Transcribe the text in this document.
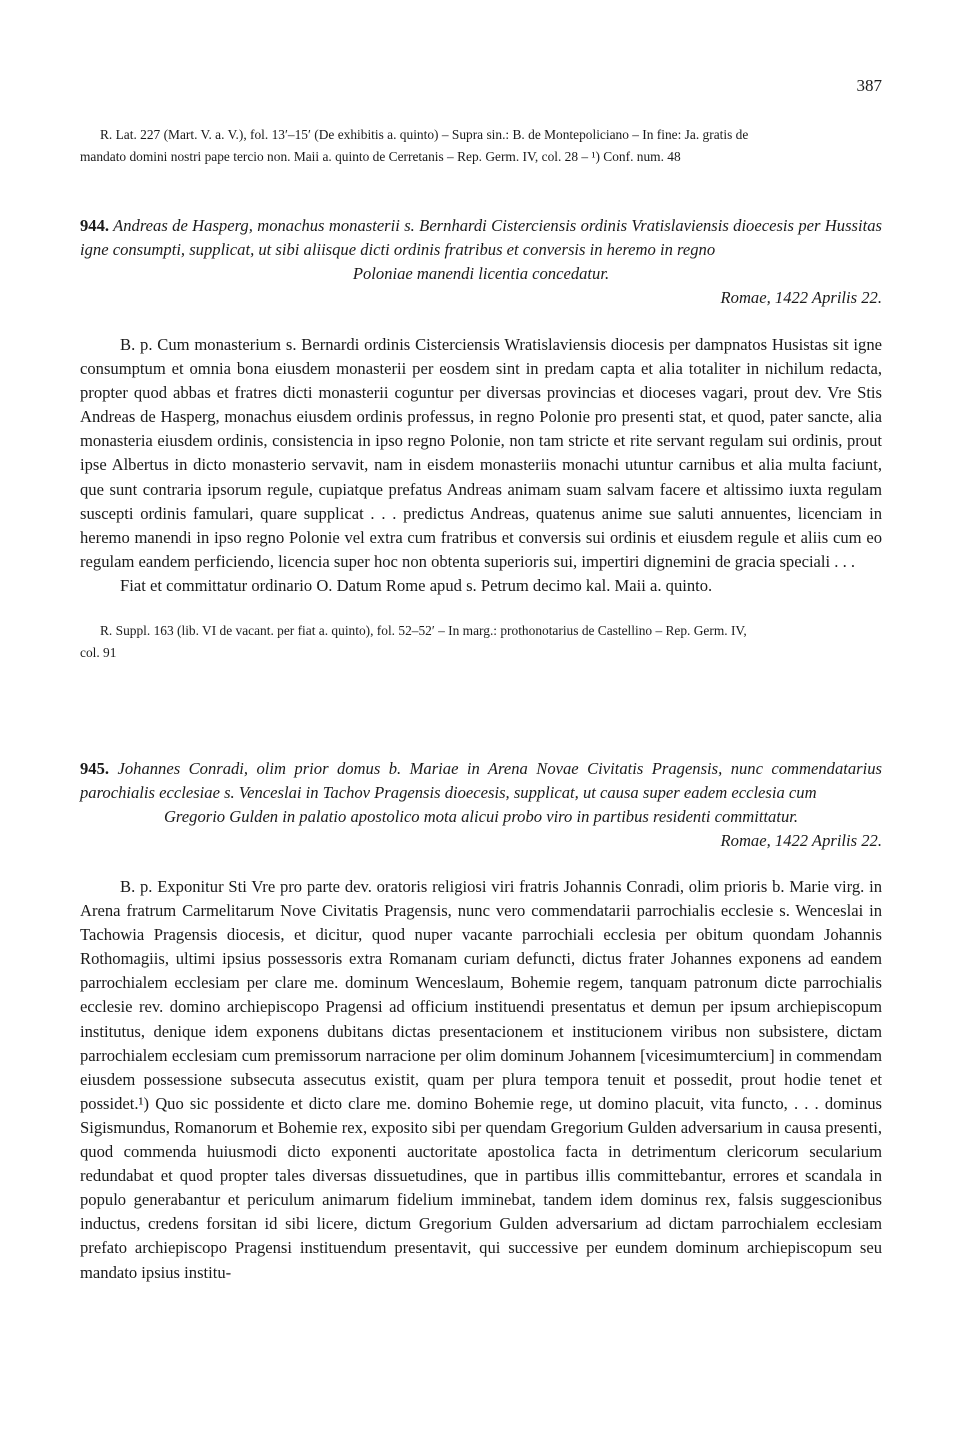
387

R. Lat. 227 (Mart. V. a. V.), fol. 13′–15′ (De exhibitis a. quinto) – Supra sin.: B. de Montepoliciano – In fine: Ja. gratis de
mandato domini nostri pape tercio non. Maii a. quinto de Cerretanis – Rep. Germ. IV, col. 28 – ¹) Conf. num. 48

944. Andreas de Hasperg, monachus monasterii s. Bernhardi Cisterciensis ordinis Vratislaviensis dioecesis per Hussitas igne consumpti, supplicat, ut sibi aliisque dicti ordinis fratribus et conversis in heremo in regno

Poloniae manendi licentia concedatur.
Romae, 1422 Aprilis 22.

B. p. Cum monasterium s. Bernardi ordinis Cisterciensis Wratislaviensis diocesis per dampnatos Husistas sit igne consumptum et omnia bona eiusdem monasterii per eosdem sint in predam capta et alia totaliter in nichilum redacta, propter quod abbas et fratres dicti monasterii coguntur per diversas provincias et dioceses vagari, prout dev. Vre Stis Andreas de Hasperg, monachus eiusdem ordinis professus, in regno Polonie pro presenti stat, et quod, pater sancte, alia monasteria eiusdem ordinis, consistencia in ipso regno Polonie, non tam stricte et rite servant regulam sui ordinis, prout ipse Albertus in dicto monasterio servavit, nam in eisdem monasteriis monachi utuntur carnibus et alia multa faciunt, que sunt contraria ipsorum regule, cupiatque prefatus Andreas animam suam salvam facere et altissimo iuxta regulam suscepti ordinis famulari, quare supplicat . . . predictus Andreas, quatenus anime sue saluti annuentes, licenciam in heremo manendi in ipso regno Polonie vel extra cum fratribus et conversis sui ordinis et eiusdem regule et aliis cum eo regulam eandem perficiendo, licencia super hoc non obtenta superioris sui, impertiri dignemini de gracia speciali . . .

Fiat et committatur ordinario O. Datum Rome apud s. Petrum decimo kal. Maii a. quinto.

R. Suppl. 163 (lib. VI de vacant. per fiat a. quinto), fol. 52–52′ – In marg.: prothonotarius de Castellino – Rep. Germ. IV,
col. 91

945. Johannes Conradi, olim prior domus b. Mariae in Arena Novae Civitatis Pragensis, nunc commendatarius parochialis ecclesiae s. Venceslai in Tachov Pragensis dioecesis, supplicat, ut causa super eadem ecclesia cum

Gregorio Gulden in palatio apostolico mota alicui probo viro in partibus residenti committatur.
Romae, 1422 Aprilis 22.

B. p. Exponitur Sti Vre pro parte dev. oratoris religiosi viri fratris Johannis Conradi, olim prioris b. Marie virg. in Arena fratrum Carmelitarum Nove Civitatis Pragensis, nunc vero commendatarii parrochialis ecclesie s. Wenceslai in Tachowia Pragensis diocesis, et dicitur, quod nuper vacante parrochiali ecclesia per obitum quondam Johannis Rothomagiis, ultimi ipsius possessoris extra Romanam curiam defuncti, dictus frater Johannes exponens ad eandem parrochialem ecclesiam per clare me. dominum Wenceslaum, Bohemie regem, tanquam patronum dicte parrochialis ecclesie rev. domino archiepiscopo Pragensi ad officium instituendi presentatus et demun per ipsum archiepiscopum institutus, denique idem exponens dubitans dictas presentacionem et institucionem viribus non subsistere, dictam parrochialem ecclesiam cum premissorum narracione per olim dominum Johannem [vicesimumtercium] in commendam eiusdem possessione subsecuta assecutus existit, quam per plura tempora tenuit et possedit, prout hodie tenet et possidet.¹) Quo sic possidente et dicto clare me. domino Bohemie rege, ut domino placuit, vita functo, . . . dominus Sigismundus, Romanorum et Bohemie rex, exposito sibi per quendam Gregorium Gulden adversarium in causa presenti, quod commenda huiusmodi dicto exponenti auctoritate apostolica facta in detrimentum clericorum secularium redundabat et quod propter tales diversas dissuetudines, que in partibus illis committebantur, errores et scandala in populo generabantur et periculum animarum fidelium imminebat, tandem idem dominus rex, falsis suggescionibus inductus, credens forsitan id sibi licere, dictum Gregorium Gulden adversarium ad dictam parrochialem ecclesiam prefato archiepiscopo Pragensi instituendum presentavit, qui successive per eundem dominum archiepiscopum seu mandato ipsius institu-
